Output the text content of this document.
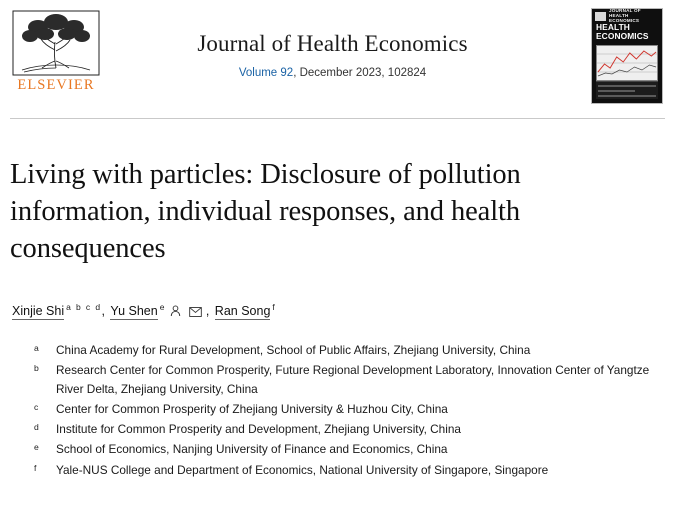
ELSEVIER
Journal of Health Economics
Volume 92, December 2023, 102824
JOURNAL OF
HEALTH
ECONOMICS
HEALTH
ECONOMICS
Living with particles: Disclosure of pollution information, individual responses, and health consequences
Xinjie Shi $^{a b c d}$, Yu Shen $^e$	, Ran Song $^f$
a	China Academy for Rural Development, School of Public Affairs, Zhejiang University, China
b	Research Center for Common Prosperity, Future Regional Development Laboratory, Innovation Center of Yangtze River Delta, Zhejiang University, China
c	Center for Common Prosperity of Zhejiang University & Huzhou City, China
d	Institute for Common Prosperity and Development, Zhejiang University, China
e	School of Economics, Nanjing University of Finance and Economics, China
f	Yale-NUS College and Department of Economics, National University of Singapore, Singapore
